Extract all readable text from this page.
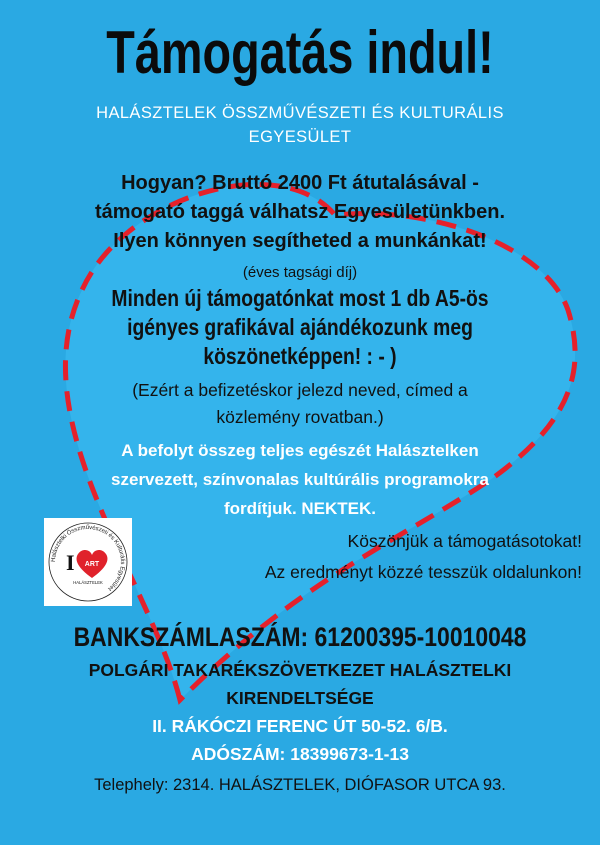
Támogatás indul!
HALÁSZTELEK ÖSSZMŰVÉSZETI ÉS KULTURÁLIS
EGYESÜLET
Hogyan? Bruttó 2400 Ft átutalásával -
támogató taggá válhatsz Egyesületünkben.
Ilyen könnyen segítheted a munkánkat!
(éves tagsági díj)
Minden új támogatónkat most 1 db A5-ös
igényes grafikával ajándékozunk meg
köszönetképpen! : - )
(Ezért a befizetéskor jelezd neved, címed a
közlemény rovatban.)
A befolyt összeg teljes egészét Halásztelken
szervezett, színvonalas kultúrális programokra
fordítjuk. NEKTEK.
Köszönjük a támogatásotokat!
Az eredményt közzé tesszük oldalunkon!
Halásztelki Összművészeti és Kulturális Egyesület
I ART
HALÁSZTELEK
BANKSZÁMLASZÁM: 61200395-10010048
POLGÁRI TAKARÉKSZÖVETKEZET HALÁSZTELKI
KIRENDELTSÉGE
II. RÁKÓCZI FERENC ÚT 50-52. 6/B.
ADÓSZÁM: 18399673-1-13
Telephely: 2314. HALÁSZTELEK, DIÓFASOR UTCA 93.
